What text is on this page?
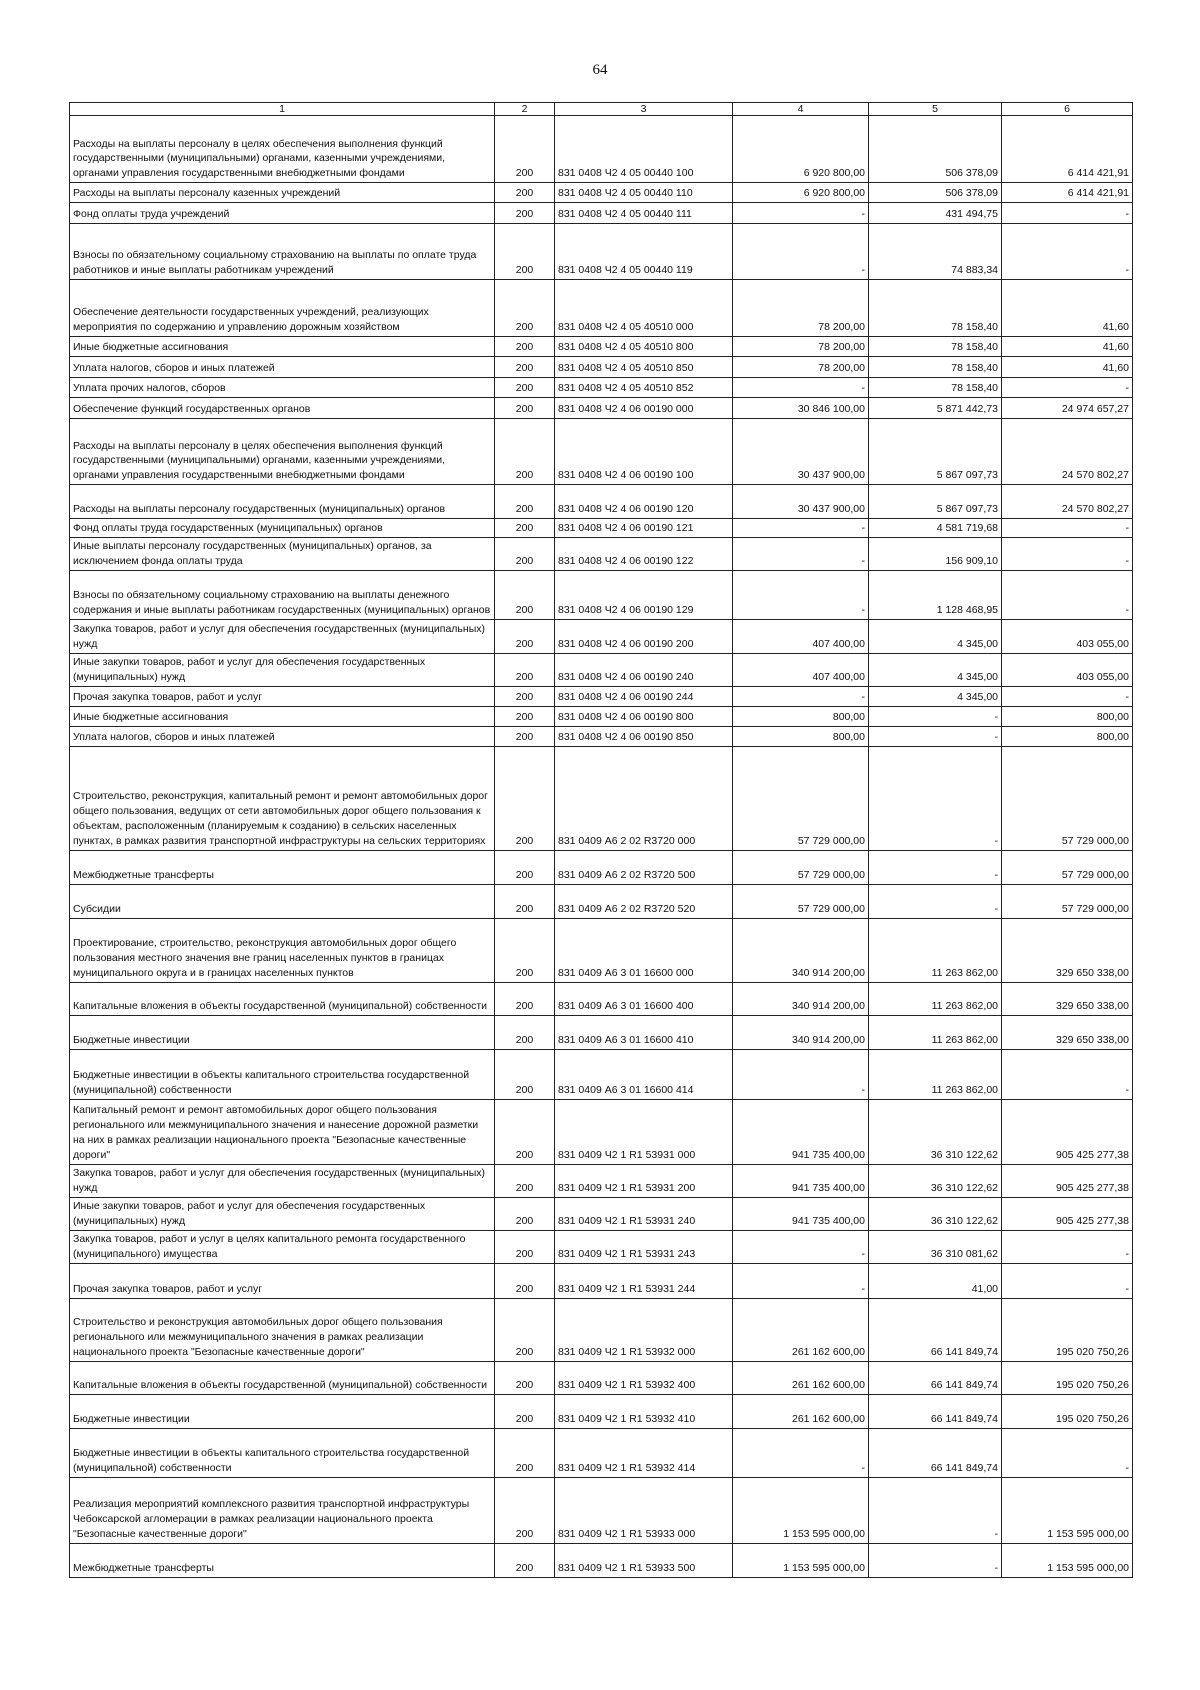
64
1	2	3	4	5	6
Расходы на выплаты персоналу в целях обеспечения выполнения функций государственными (муниципальными) органами, казенными учреждениями, органами управления государственными внебюджетными фондами	200	831 0408 Ч2 4 05 00440 100	6 920 800,00	506 378,09	6 414 421,91
Расходы на выплаты персоналу казенных учреждений	200	831 0408 Ч2 4 05 00440 110	6 920 800,00	506 378,09	6 414 421,91
Фонд оплаты труда учреждений	200	831 0408 Ч2 4 05 00440 111	-	431 494,75	-
Взносы по обязательному социальному страхованию на выплаты по оплате труда работников и иные выплаты работникам учреждений	200	831 0408 Ч2 4 05 00440 119	-	74 883,34	-
Обеспечение деятельности государственных учреждений, реализующих мероприятия по содержанию и управлению дорожным хозяйством	200	831 0408 Ч2 4 05 40510 000	78 200,00	78 158,40	41,60
Иные бюджетные ассигнования	200	831 0408 Ч2 4 05 40510 800	78 200,00	78 158,40	41,60
Уплата налогов, сборов и иных платежей	200	831 0408 Ч2 4 05 40510 850	78 200,00	78 158,40	41,60
Уплата прочих налогов, сборов	200	831 0408 Ч2 4 05 40510 852	-	78 158,40	-
Обеспечение функций государственных органов	200	831 0408 Ч2 4 06 00190 000	30 846 100,00	5 871 442,73	24 974 657,27
Расходы на выплаты персоналу в целях обеспечения выполнения функций государственными (муниципальными) органами, казенными учреждениями, органами управления государственными внебюджетными фондами	200	831 0408 Ч2 4 06 00190 100	30 437 900,00	5 867 097,73	24 570 802,27
Расходы на выплаты персоналу государственных (муниципальных) органов	200	831 0408 Ч2 4 06 00190 120	30 437 900,00	5 867 097,73	24 570 802,27
Фонд оплаты труда государственных (муниципальных) органов	200	831 0408 Ч2 4 06 00190 121	-	4 581 719,68	-
Иные выплаты персоналу государственных (муниципальных) органов, за исключением фонда оплаты труда	200	831 0408 Ч2 4 06 00190 122	-	156 909,10	-
Взносы по обязательному социальному страхованию на выплаты денежного содержания и иные выплаты работникам государственных (муниципальных) органов	200	831 0408 Ч2 4 06 00190 129	-	1 128 468,95	-
Закупка товаров, работ и услуг для обеспечения государственных (муниципальных) нужд	200	831 0408 Ч2 4 06 00190 200	407 400,00	4 345,00	403 055,00
Иные закупки товаров, работ и услуг для обеспечения государственных (муниципальных) нужд	200	831 0408 Ч2 4 06 00190 240	407 400,00	4 345,00	403 055,00
Прочая закупка товаров, работ и услуг	200	831 0408 Ч2 4 06 00190 244	-	4 345,00	-
Иные бюджетные ассигнования	200	831 0408 Ч2 4 06 00190 800	800,00	-	800,00
Уплата налогов, сборов и иных платежей	200	831 0408 Ч2 4 06 00190 850	800,00	-	800,00
Строительство, реконструкция, капитальный ремонт и ремонт автомобильных дорог общего пользования, ведущих от сети автомобильных дорог общего пользования к объектам, расположенным (планируемым к созданию) в сельских населенных пунктах, в рамках развития транспортной инфраструктуры на сельских территориях	200	831 0409 А6 2 02 R3720 000	57 729 000,00	-	57 729 000,00
Межбюджетные трансферты	200	831 0409 А6 2 02 R3720 500	57 729 000,00	-	57 729 000,00
Субсидии	200	831 0409 А6 2 02 R3720 520	57 729 000,00	-	57 729 000,00
Проектирование, строительство, реконструкция автомобильных дорог общего пользования местного значения вне границ населенных пунктов в границах муниципального округа и в границах населенных пунктов	200	831 0409 А6 3 01 16600 000	340 914 200,00	11 263 862,00	329 650 338,00
Капитальные вложения в объекты государственной (муниципальной) собственности	200	831 0409 А6 3 01 16600 400	340 914 200,00	11 263 862,00	329 650 338,00
Бюджетные инвестиции	200	831 0409 А6 3 01 16600 410	340 914 200,00	11 263 862,00	329 650 338,00
Бюджетные инвестиции в объекты капитального строительства государственной (муниципальной) собственности	200	831 0409 А6 3 01 16600 414	-	11 263 862,00	-
Капитальный ремонт и ремонт автомобильных дорог общего пользования регионального или межмуниципального значения и нанесение дорожной разметки на них в рамках реализации национального проекта "Безопасные качественные дороги"	200	831 0409 Ч2 1 R1 53931 000	941 735 400,00	36 310 122,62	905 425 277,38
Закупка товаров, работ и услуг для обеспечения государственных (муниципальных) нужд	200	831 0409 Ч2 1 R1 53931 200	941 735 400,00	36 310 122,62	905 425 277,38
Иные закупки товаров, работ и услуг для обеспечения государственных (муниципальных) нужд	200	831 0409 Ч2 1 R1 53931 240	941 735 400,00	36 310 122,62	905 425 277,38
Закупка товаров, работ и услуг в целях капитального ремонта государственного (муниципального) имущества	200	831 0409 Ч2 1 R1 53931 243	-	36 310 081,62	-
Прочая закупка товаров, работ и услуг	200	831 0409 Ч2 1 R1 53931 244	-	41,00	-
Строительство и реконструкция автомобильных дорог общего пользования регионального или межмуниципального значения в рамках реализации национального проекта "Безопасные качественные дороги"	200	831 0409 Ч2 1 R1 53932 000	261 162 600,00	66 141 849,74	195 020 750,26
Капитальные вложения в объекты государственной (муниципальной) собственности	200	831 0409 Ч2 1 R1 53932 400	261 162 600,00	66 141 849,74	195 020 750,26
Бюджетные инвестиции	200	831 0409 Ч2 1 R1 53932 410	261 162 600,00	66 141 849,74	195 020 750,26
Бюджетные инвестиции в объекты капитального строительства государственной (муниципальной) собственности	200	831 0409 Ч2 1 R1 53932 414	-	66 141 849,74	-
Реализация мероприятий комплексного развития транспортной инфраструктуры Чебоксарской агломерации в рамках реализации национального проекта "Безопасные качественные дороги"	200	831 0409 Ч2 1 R1 53933 000	1 153 595 000,00	-	1 153 595 000,00
Межбюджетные трансферты	200	831 0409 Ч2 1 R1 53933 500	1 153 595 000,00	-	1 153 595 000,00
